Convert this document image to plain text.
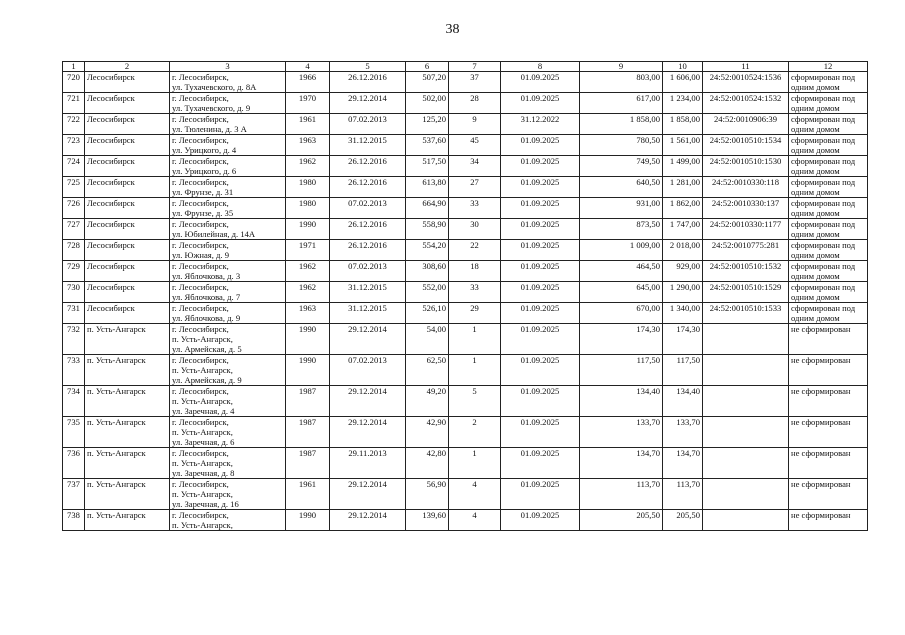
38
1	2	3	4	5	6	7	8	9	10	11	12
720	Лесосибирск	г. Лесосибирск,
ул. Тухачевского, д. 8А	1966	26.12.2016	507,20	37	01.09.2025	803,00	1 606,00	24:52:0010524:1536	сформирован под
одним домом

721	Лесосибирск	г. Лесосибирск,
ул. Тухачевского, д. 9	1970	29.12.2014	502,00	28	01.09.2025	617,00	1 234,00	24:52:0010524:1532	сформирован под
одним домом

722	Лесосибирск	г. Лесосибирск,
ул. Тюленина, д. 3 А	1961	07.02.2013	125,20	9	31.12.2022	1 858,00	1 858,00	24:52:0010906:39	сформирован под
одним домом

723	Лесосибирск	г. Лесосибирск,
ул. Урицкого, д. 4	1963	31.12.2015	537,60	45	01.09.2025	780,50	1 561,00	24:52:0010510:1534	сформирован под
одним домом

724	Лесосибирск	г. Лесосибирск,
ул. Урицкого, д. 6	1962	26.12.2016	517,50	34	01.09.2025	749,50	1 499,00	24:52:0010510:1530	сформирован под
одним домом

725	Лесосибирск	г. Лесосибирск,
ул. Фрунзе, д. 31	1980	26.12.2016	613,80	27	01.09.2025	640,50	1 281,00	24:52:0010330:118	сформирован под
одним домом

726	Лесосибирск	г. Лесосибирск,
ул. Фрунзе, д. 35	1980	07.02.2013	664,90	33	01.09.2025	931,00	1 862,00	24:52:0010330:137	сформирован под
одним домом

727	Лесосибирск	г. Лесосибирск,
ул. Юбилейная, д. 14А	1990	26.12.2016	558,90	30	01.09.2025	873,50	1 747,00	24:52:0010330:1177	сформирован под
одним домом

728	Лесосибирск	г. Лесосибирск,
ул. Южная, д. 9	1971	26.12.2016	554,20	22	01.09.2025	1 009,00	2 018,00	24:52:0010775:281	сформирован под
одним домом

729	Лесосибирск	г. Лесосибирск,
ул. Яблочкова, д. 3	1962	07.02.2013	308,60	18	01.09.2025	464,50	929,00	24:52:0010510:1532	сформирован под
одним домом

730	Лесосибирск	г. Лесосибирск,
ул. Яблочкова, д. 7	1962	31.12.2015	552,00	33	01.09.2025	645,00	1 290,00	24:52:0010510:1529	сформирован под
одним домом

731	Лесосибирск	г. Лесосибирск,
ул. Яблочкова, д. 9	1963	31.12.2015	526,10	29	01.09.2025	670,00	1 340,00	24:52:0010510:1533	сформирован под
одним домом

732	п. Усть-Ангарск	г. Лесосибирск,
п. Усть-Ангарск,
ул. Армейская, д. 5	1990	29.12.2014	54,00	1	01.09.2025	174,30	174,30		не сформирован

733	п. Усть-Ангарск	г. Лесосибирск,
п. Усть-Ангарск,
ул. Армейская, д. 9	1990	07.02.2013	62,50	1	01.09.2025	117,50	117,50		не сформирован

734	п. Усть-Ангарск	г. Лесосибирск,
п. Усть-Ангарск,
ул. Заречная, д. 4	1987	29.12.2014	49,20	5	01.09.2025	134,40	134,40		не сформирован

735	п. Усть-Ангарск	г. Лесосибирск,
п. Усть-Ангарск,
ул. Заречная, д. 6	1987	29.12.2014	42,90	2	01.09.2025	133,70	133,70		не сформирован

736	п. Усть-Ангарск	г. Лесосибирск,
п. Усть-Ангарск,
ул. Заречная, д. 8	1987	29.11.2013	42,80	1	01.09.2025	134,70	134,70		не сформирован

737	п. Усть-Ангарск	г. Лесосибирск,
п. Усть-Ангарск,
ул. Заречная, д. 16	1961	29.12.2014	56,90	4	01.09.2025	113,70	113,70		не сформирован

738	п. Усть-Ангарск	г. Лесосибирск,
п. Усть-Ангарск,	1990	29.12.2014	139,60	4	01.09.2025	205,50	205,50		не сформирован
